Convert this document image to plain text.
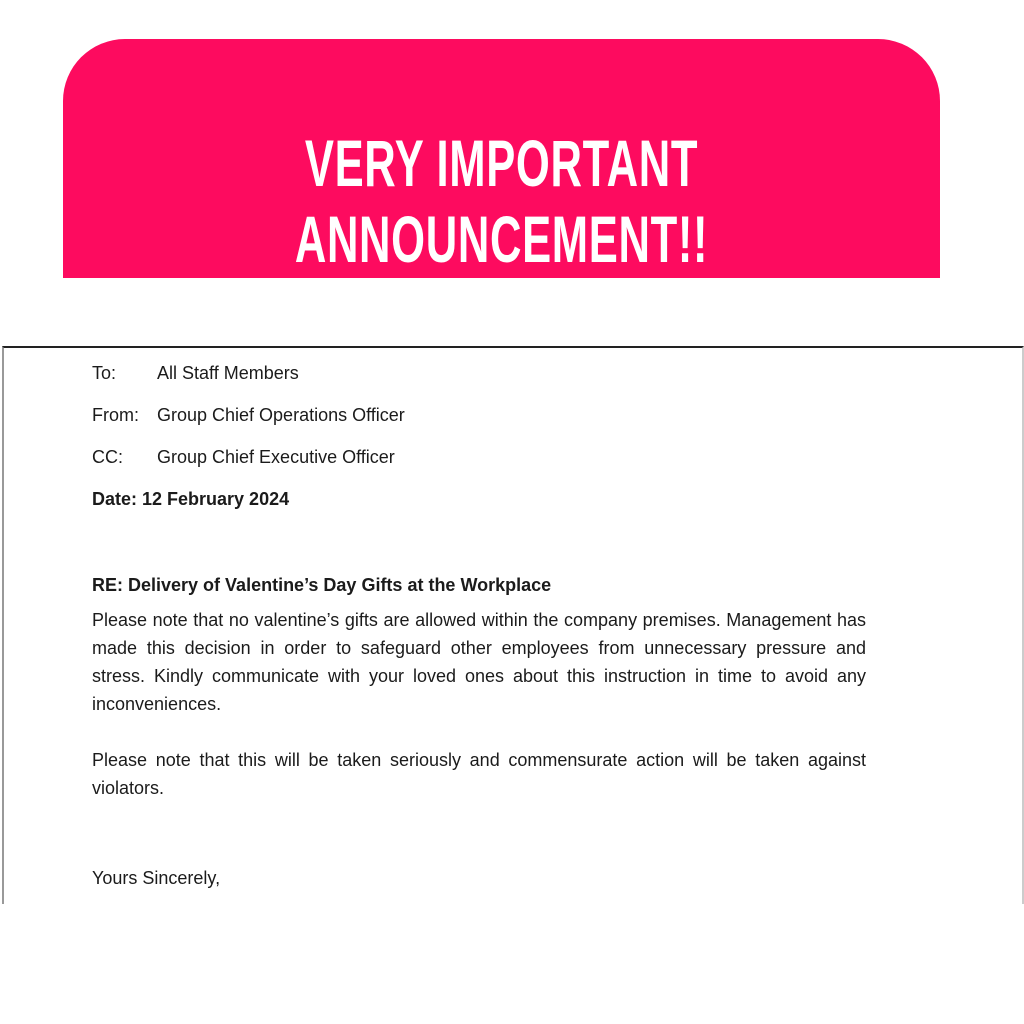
VERY IMPORTANT
ANNOUNCEMENT!!
To:	All Staff Members
From:	Group Chief Operations Officer
CC:	Group Chief Executive Officer
Date: 12 February 2024
RE: Delivery of Valentine’s Day Gifts at the Workplace

Please note that no valentine’s gifts are allowed within the company premises. Management has made this decision in order to safeguard other employees from unnecessary pressure and stress. Kindly communicate with your loved ones about this instruction in time to avoid any inconveniences.

Please note that this will be taken seriously and commensurate action will be taken against violators.

Yours Sincerely,
